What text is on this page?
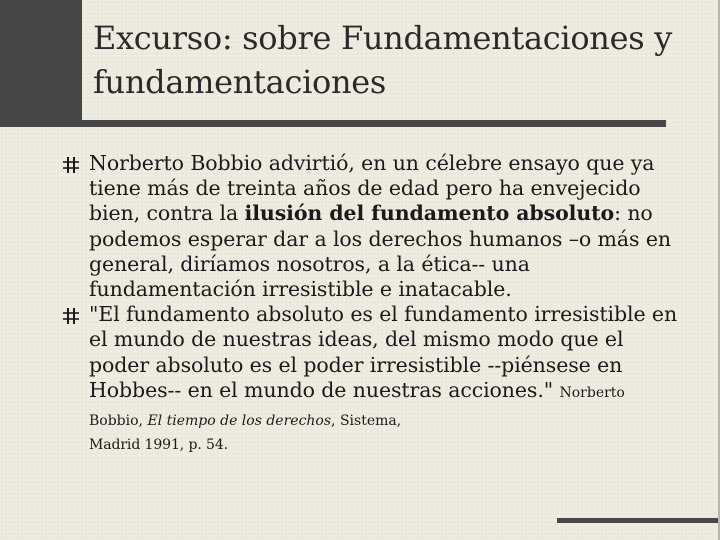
Excurso: sobre Fundamentaciones y fundamentaciones
Norberto Bobbio advirtió, en un célebre ensayo que ya tiene más de treinta años de edad pero ha envejecido bien, contra la ilusión del fundamento absoluto: no podemos esperar dar a los derechos humanos –o más en general, diríamos nosotros, a la ética-- una fundamentación irresistible e inatacable.
"El fundamento absoluto es el fundamento irresistible en el mundo de nuestras ideas, del mismo modo que el poder absoluto es el poder irresistible --piénsese en Hobbes-- en el mundo de nuestras acciones." Norberto Bobbio, El tiempo de los derechos, Sistema,
Madrid 1991, p. 54.
